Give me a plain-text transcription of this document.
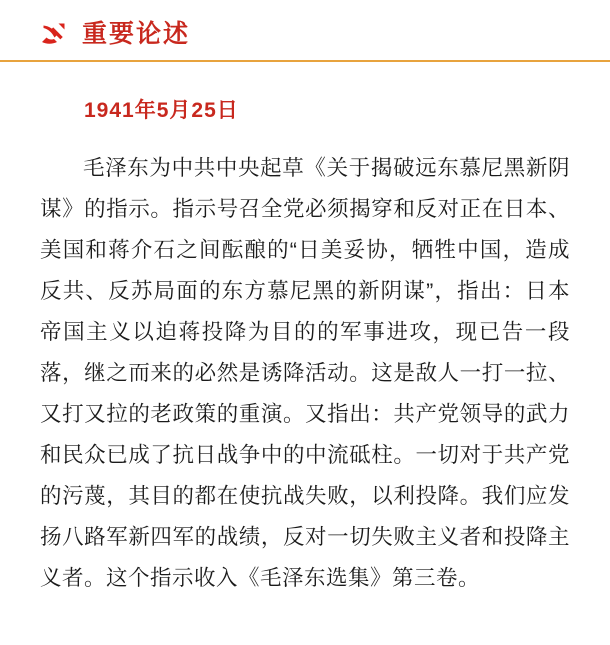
重要论述
1941年5月25日

毛泽东为中共中央起草《关于揭破远东慕尼黑新阴谋》的指示。指示号召全党必须揭穿和反对正在日本、美国和蒋介石之间酝酿的“日美妥协，牺牲中国，造成反共、反苏局面的东方慕尼黑的新阴谋”，指出：日本帝国主义以迫蒋投降为目的的军事进攻，现已告一段落，继之而来的必然是诱降活动。这是敌人一打一拉、又打又拉的老政策的重演。又指出：共产党领导的武力和民众已成了抗日战争中的中流砥柱。一切对于共产党的污蔑，其目的都在使抗战失败，以利投降。我们应发扬八路军新四军的战绩，反对一切失败主义者和投降主义者。这个指示收入《毛泽东选集》第三卷。
